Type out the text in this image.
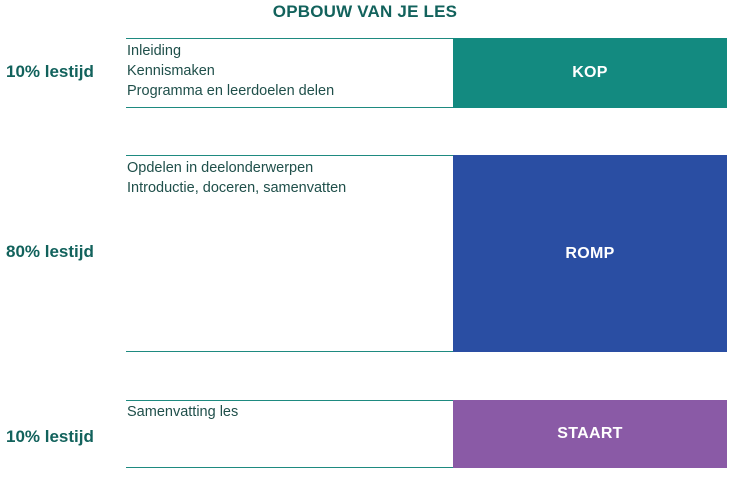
OPBOUW VAN JE LES
10% lestijd
Inleiding
Kennismaken
Programma en leerdoelen delen
KOP
80% lestijd
Opdelen in deelonderwerpen
Introductie, doceren, samenvatten
ROMP
10% lestijd
Samenvatting les
STAART
